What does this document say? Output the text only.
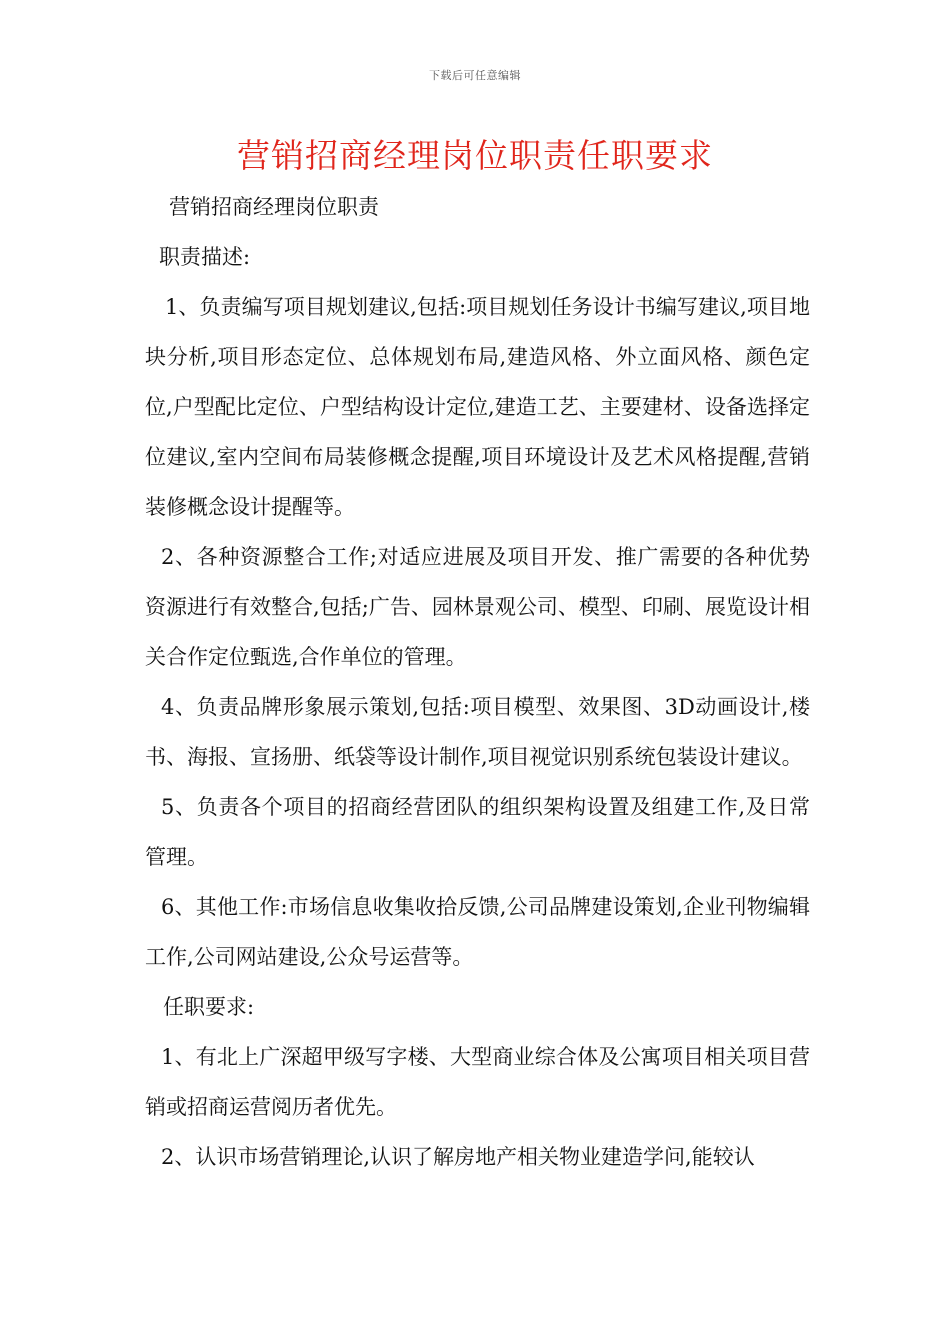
下载后可任意编辑
营销招商经理岗位职责任职要求

营销招商经理岗位职责

职责描述:

1、负责编写项目规划建议,包括:项目规划任务设计书编写建议,项目地块分析,项目形态定位、总体规划布局,建造风格、外立面风格、颜色定位,户型配比定位、户型结构设计定位,建造工艺、主要建材、设备选择定位建议,室内空间布局装修概念提醒,项目环境设计及艺术风格提醒,营销装修概念设计提醒等。

2、各种资源整合工作;对适应进展及项目开发、推广需要的各种优势资源进行有效整合,包括;广告、园林景观公司、模型、印刷、展览设计相关合作定位甄选,合作单位的管理。

4、负责品牌形象展示策划,包括:项目模型、效果图、3D动画设计,楼书、海报、宣扬册、纸袋等设计制作,项目视觉识别系统包装设计建议。

5、负责各个项目的招商经营团队的组织架构设置及组建工作,及日常管理。

6、其他工作:市场信息收集收拾反馈,公司品牌建设策划,企业刊物编辑工作,公司网站建设,公众号运营等。

任职要求:

1、有北上广深超甲级写字楼、大型商业综合体及公寓项目相关项目营销或招商运营阅历者优先。

2、认识市场营销理论,认识了解房地产相关物业建造学问,能较认
